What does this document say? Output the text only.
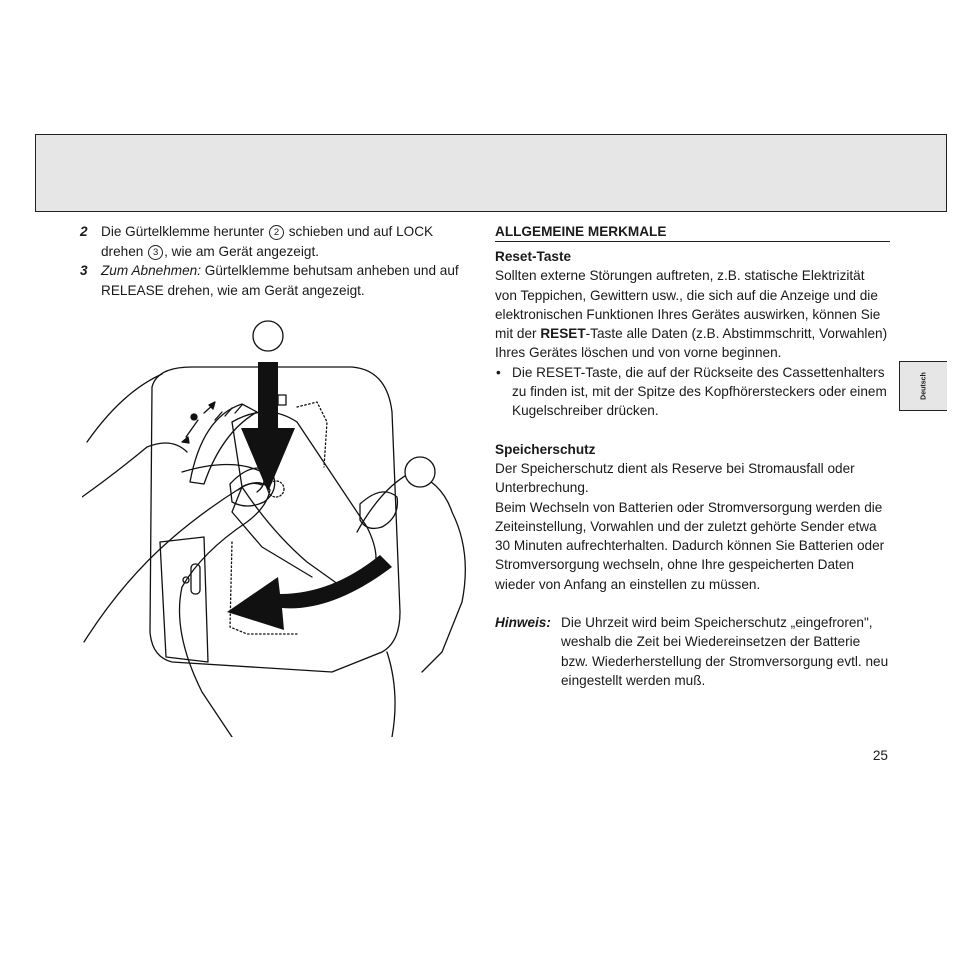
2 Die Gürtelklemme herunter 2 schieben und auf LOCK drehen 3 , wie am Gerät angezeigt.
3 Zum Abnehmen: Gürtelklemme behutsam anheben und auf RELEASE drehen, wie am Gerät angezeigt.
ALLGEMEINE MERKMALE
Reset-Taste
Sollten externe Störungen auftreten, z.B. statische Elektrizität von Teppichen, Gewittern usw., die sich auf die Anzeige und die elektronischen Funktionen Ihres Gerätes auswirken, können Sie mit der RESET-Taste alle Daten (z.B. Abstimmschritt, Vorwahlen) Ihres Gerätes löschen und von vorne beginnen.
• Die RESET-Taste, die auf der Rückseite des Cassettenhalters zu finden ist, mit der Spitze des Kopfhörersteckers oder einem Kugelschreiber drücken.
Speicherschutz
Der Speicherschutz dient als Reserve bei Stromausfall oder Unterbrechung.
Beim Wechseln von Batterien oder Stromversorgung werden die Zeiteinstellung, Vorwahlen und der zuletzt gehörte Sender etwa 30 Minuten aufrechterhalten. Dadurch können Sie Batterien oder Stromversorgung wechseln, ohne Ihre gespeicherten Daten wieder von Anfang an einstellen zu müssen.
Hinweis: Die Uhrzeit wird beim Speicherschutz „eingefroren", weshalb die Zeit bei Wiedereinsetzen der Batterie bzw. Wiederherstellung der Stromversorgung evtl. neu eingestellt werden muß.
Deutsch
25
